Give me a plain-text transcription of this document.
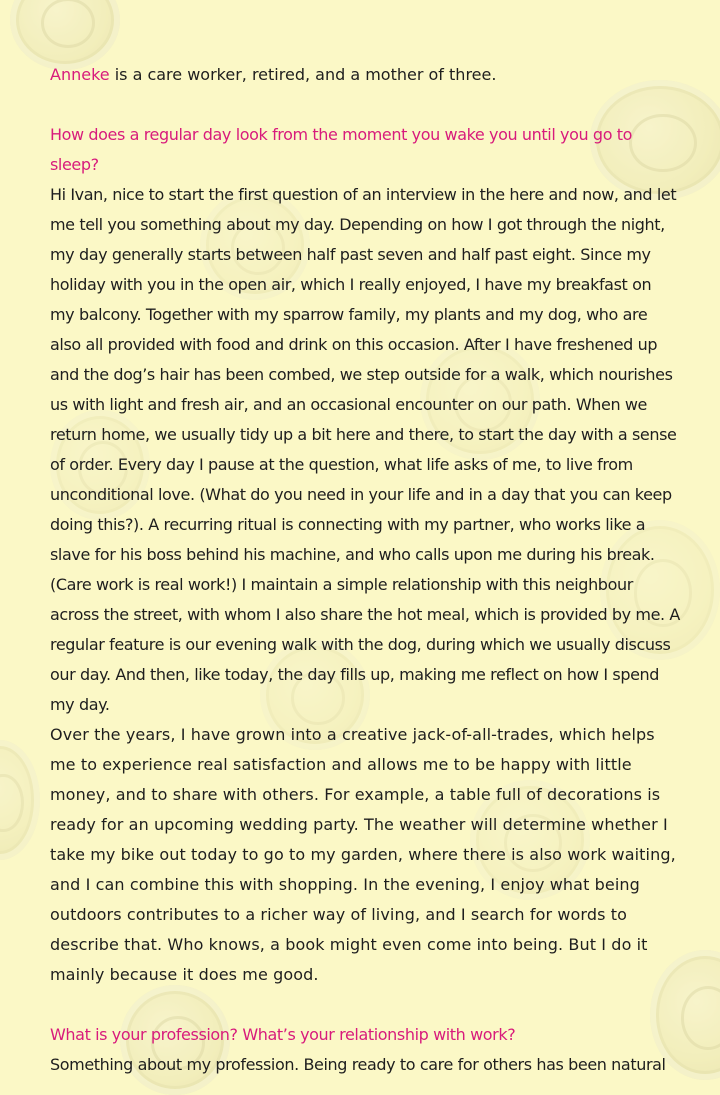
Anneke is a care worker, retired, and a mother of three.

How does a regular day look from the moment you wake you until you go to sleep?

Hi Ivan, nice to start the first question of an interview in the here and now, and let me tell you something about my day. Depending on how I got through the night, my day generally starts between half past seven and half past eight. Since my holiday with you in the open air, which I really enjoyed, I have my breakfast on my balcony. Together with my sparrow family, my plants and my dog, who are also all provided with food and drink on this occasion. After I have freshened up and the dog’s hair has been combed, we step outside for a walk, which nourishes us with light and fresh air, and an occasional encounter on our path. When we return home, we usually tidy up a bit here and there, to start the day with a sense of order. Every day I pause at the question, what life asks of me, to live from unconditional love. (What do you need in your life and in a day that you can keep doing this?). A recurring ritual is connecting with my partner, who works like a slave for his boss behind his machine, and who calls upon me during his break. (Care work is real work!) I maintain a simple relationship with this neighbour across the street, with whom I also share the hot meal, which is provided by me. A regular feature is our evening walk with the dog, during which we usually discuss our day. And then, like today, the day fills up, making me reflect on how I spend my day.

Over the years, I have grown into a creative jack-of-all-trades, which helps me to experience real satisfaction and allows me to be happy with little money, and to share with others. For example, a table full of decorations is ready for an upcoming wedding party. The weather will determine whether I take my bike out today to go to my garden, where there is also work waiting, and I can combine this with shopping. In the evening, I enjoy what being outdoors contributes to a richer way of living, and I search for words to describe that. Who knows, a book might even come into being. But I do it mainly because it does me good.

What is your profession? What’s your relationship with work?

Something about my profession. Being ready to care for others has been natural
